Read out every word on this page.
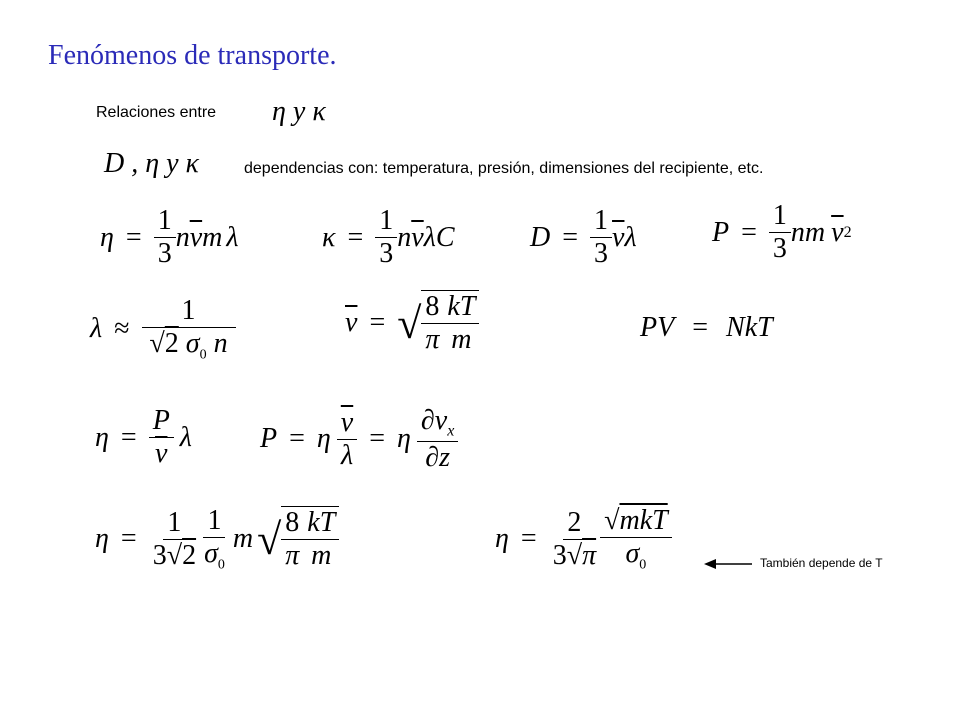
Fenómenos de transporte.
Relaciones entre η y κ
D , η y κ	dependencias con: temperatura, presión, dimensiones del recipiente, etc.
$\eta = \frac{1}{3}$ n $\overline{v}$ m λ	$\kappa = \frac{1}{3}$ n $\overline{v}$ λ C	$D = \frac{1}{3} \overline{v}$ λ	$P = \frac{1}{3}$ n m $\overline{v}$ 2
$\lambda \approx \frac{1}{√2 \sigma_0 n}$	$\overline{v}$ = √ $\frac{8}{\pi} \frac{kT}{m}$	PV = NkT
$\eta = \frac{P}{v}$ λ P = η $\frac{\overline{v}}{\lambda} = \eta \frac{\partial v_x}{\partial z}$
$\eta = \frac{1}{3√2} \frac{1}{\sigma_0}$ m √ $\frac{8}{\pi} \frac{kT}{m}$	$\eta = \frac{2}{3√\pi} \frac{\text{√mkT}}{\sigma_0}$	También depende de T
